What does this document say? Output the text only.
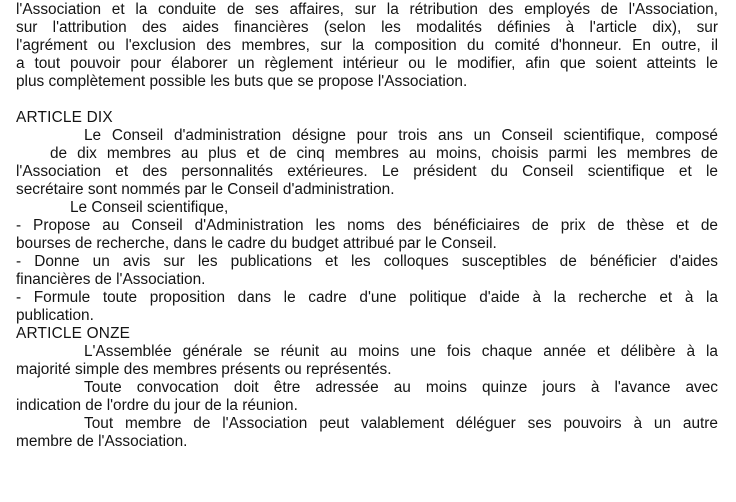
l'Association et la conduite de ses affaires, sur la rétribution des employés de l'Association,
sur l'attribution des aides financières (selon les modalités définies à l'article dix), sur
l'agrément ou l'exclusion des membres, sur la composition du comité d'honneur. En outre, il
a tout pouvoir pour élaborer un règlement intérieur ou le modifier, afin que soient atteints le
plus complètement possible les buts que se propose l'Association.
ARTICLE DIX
Le Conseil d'administration désigne pour trois ans un Conseil scientifique, composé
de dix membres au plus et de cinq membres au moins, choisis parmi les membres de
l'Association et des personnalités extérieures. Le président du Conseil scientifique et le
secrétaire sont nommés par le Conseil d'administration.
Le Conseil scientifique,
- Propose au Conseil d'Administration les noms des bénéficiaires de prix de thèse et de
bourses de recherche, dans le cadre du budget attribué par le Conseil.
- Donne un avis sur les publications et les colloques susceptibles de bénéficier d'aides
financières de l'Association.
- Formule toute proposition dans le cadre d'une politique d'aide à la recherche et à la
publication.
ARTICLE ONZE
L'Assemblée générale se réunit au moins une fois chaque année et délibère à la
majorité simple des membres présents ou représentés.
Toute convocation doit être adressée au moins quinze jours à l'avance avec
indication de l'ordre du jour de la réunion.
Tout membre de l'Association peut valablement déléguer ses pouvoirs à un autre
membre de l'Association.
